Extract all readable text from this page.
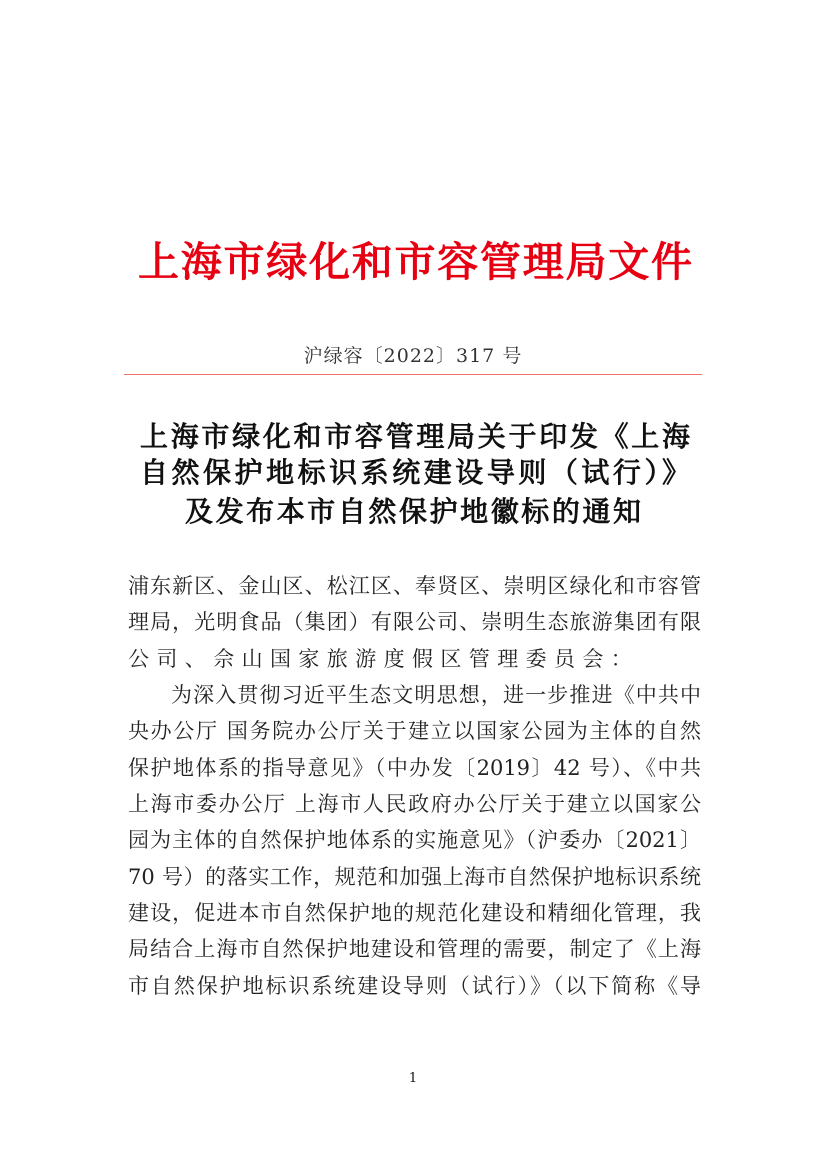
上海市绿化和市容管理局文件
沪绿容〔2022〕317 号
上海市绿化和市容管理局关于印发《上海
自然保护地标识系统建设导则（试行）》
及发布本市自然保护地徽标的通知
浦东新区、金山区、松江区、奉贤区、崇明区绿化和市容管
理局，光明食品（集团）有限公司、崇明生态旅游集团有限
公司、佘山国家旅游度假区管理委员会：
为深入贯彻习近平生态文明思想，进一步推进《中共中
央办公厅 国务院办公厅关于建立以国家公园为主体的自然
保护地体系的指导意见》（中办发〔2019〕42 号）、《中共
上海市委办公厅 上海市人民政府办公厅关于建立以国家公
园为主体的自然保护地体系的实施意见》（沪委办〔2021〕
70 号）的落实工作，规范和加强上海市自然保护地标识系统
建设，促进本市自然保护地的规范化建设和精细化管理，我
局结合上海市自然保护地建设和管理的需要，制定了《上海
市自然保护地标识系统建设导则（试行）》（以下简称《导
1
